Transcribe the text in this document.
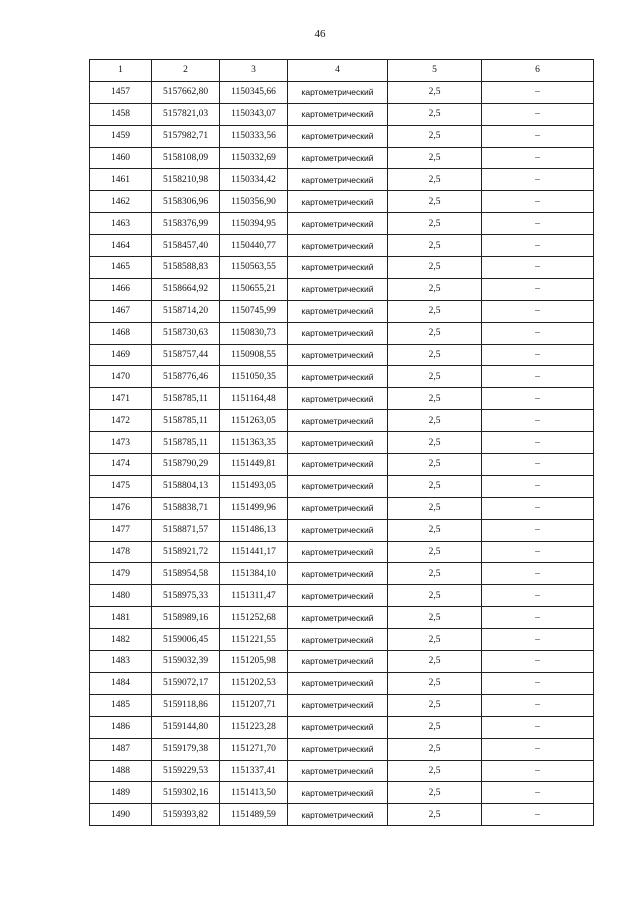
46
1	2	3	4	5	6
1457	5157662,80	1150345,66	картометрический	2,5	–
1458	5157821,03	1150343,07	картометрический	2,5	–
1459	5157982,71	1150333,56	картометрический	2,5	–
1460	5158108,09	1150332,69	картометрический	2,5	–
1461	5158210,98	1150334,42	картометрический	2,5	–
1462	5158306,96	1150356,90	картометрический	2,5	–
1463	5158376,99	1150394,95	картометрический	2,5	–
1464	5158457,40	1150440,77	картометрический	2,5	–
1465	5158588,83	1150563,55	картометрический	2,5	–
1466	5158664,92	1150655,21	картометрический	2,5	–
1467	5158714,20	1150745,99	картометрический	2,5	–
1468	5158730,63	1150830,73	картометрический	2,5	–
1469	5158757,44	1150908,55	картометрический	2,5	–
1470	5158776,46	1151050,35	картометрический	2,5	–
1471	5158785,11	1151164,48	картометрический	2,5	–
1472	5158785,11	1151263,05	картометрический	2,5	–
1473	5158785,11	1151363,35	картометрический	2,5	–
1474	5158790,29	1151449,81	картометрический	2,5	–
1475	5158804,13	1151493,05	картометрический	2,5	–
1476	5158838,71	1151499,96	картометрический	2,5	–
1477	5158871,57	1151486,13	картометрический	2,5	–
1478	5158921,72	1151441,17	картометрический	2,5	–
1479	5158954,58	1151384,10	картометрический	2,5	–
1480	5158975,33	1151311,47	картометрический	2,5	–
1481	5158989,16	1151252,68	картометрический	2,5	–
1482	5159006,45	1151221,55	картометрический	2,5	–
1483	5159032,39	1151205,98	картометрический	2,5	–
1484	5159072,17	1151202,53	картометрический	2,5	–
1485	5159118,86	1151207,71	картометрический	2,5	–
1486	5159144,80	1151223,28	картометрический	2,5	–
1487	5159179,38	1151271,70	картометрический	2,5	–
1488	5159229,53	1151337,41	картометрический	2,5	–
1489	5159302,16	1151413,50	картометрический	2,5	–
1490	5159393,82	1151489,59	картометрический	2,5	–
